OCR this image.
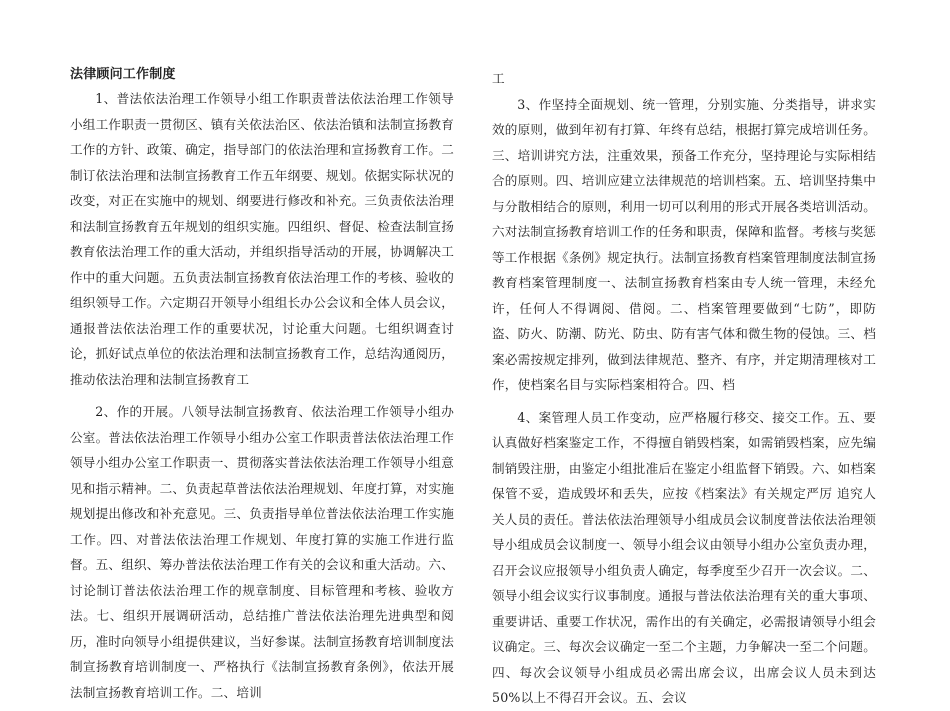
法律顾问工作制度

1、普法依法治理工作领导小组工作职责普法依法治理工作领导小组工作职责一贯彻区、镇有关依法治区、依法治镇和法制宣扬教育工作的方针、政策、确定，指导部门的依法治理和宣扬教育工作。二制订依法治理和法制宣扬教育工作五年纲要、规划。依据实际状况的改变，对正在实施中的规划、纲要进行修改和补充。三负责依法治理和法制宣扬教育五年规划的组织实施。四组织、督促、检查法制宣扬教育依法治理工作的重大活动，并组织指导活动的开展，协调解决工作中的重大问题。五负责法制宣扬教育依法治理工作的考核、验收的组织领导工作。六定期召开领导小组组长办公会议和全体人员会议，通报普法依法治理工作的重要状况，讨论重大问题。七组织调查讨论，抓好试点单位的依法治理和法制宣扬教育工作，总结沟通阅历，推动依法治理和法制宣扬教育工

2、作的开展。八领导法制宣扬教育、依法治理工作领导小组办公室。普法依法治理工作领导小组办公室工作职责普法依法治理工作领导小组办公室工作职责一、贯彻落实普法依法治理工作领导小组意见和指示精神。二、负责起草普法依法治理规划、年度打算，对实施规划提出修改和补充意见。三、负责指导单位普法依法治理工作实施工作。四、对普法依法治理工作规划、年度打算的实施工作进行监督。五、组织、筹办普法依法治理工作有关的会议和重大活动。六、讨论制订普法依法治理工作的规章制度、目标管理和考核、验收方法。七、组织开展调研活动，总结推广普法依法治理先进典型和阅历，准时向领导小组提供建议，当好参谋。法制宣扬教育培训制度法制宣扬教育培训制度一、严格执行《法制宣扬教育条例》，依法开展法制宣扬教育培训工作。二、培训

工

3、作坚持全面规划、统一管理，分别实施、分类指导，讲求实效的原则，做到年初有打算、年终有总结，根据打算完成培训任务。三、培训讲究方法，注重效果，预备工作充分，坚持理论与实际相结合的原则。四、培训应建立法律规范的培训档案。五、培训坚持集中与分散相结合的原则，利用一切可以利用的形式开展各类培训活动。六对法制宣扬教育培训工作的任务和职责，保障和监督。考核与奖惩等工作根据《条例》规定执行。法制宣扬教育档案管理制度法制宣扬教育档案管理制度一、法制宣扬教育档案由专人统一管理，未经允许，任何人不得调阅、借阅。二、档案管理要做到“七防”，即防盗、防火、防潮、防光、防虫、防有害气体和微生物的侵蚀。三、档案必需按规定排列，做到法律规范、整齐、有序，并定期清理核对工作，使档案名目与实际档案相符合。四、档

4、案管理人员工作变动，应严格履行移交、接交工作。五、要认真做好档案鉴定工作，不得擅自销毁档案，如需销毁档案，应先编制销毁注册，由鉴定小组批准后在鉴定小组监督下销毁。六、如档案保管不妥，造成毁坏和丢失，应按《档案法》有关规定严厉 追究人关人员的责任。普法依法治理领导小组成员会议制度普法依法治理领导小组成员会议制度一、领导小组会议由领导小组办公室负责办理，召开会议应报领导小组负责人确定，每季度至少召开一次会议。二、领导小组会议实行议事制度。通报与普法依法治理有关的重大事项、重要讲话、重要工作状况，需作出的有关确定，必需报请领导小组会议确定。三、每次会议确定一至二个主题，力争解决一至二个问题。四、每次会议领导小组成员必需出席会议，出席会议人员未到达50%以上不得召开会议。五、会议
